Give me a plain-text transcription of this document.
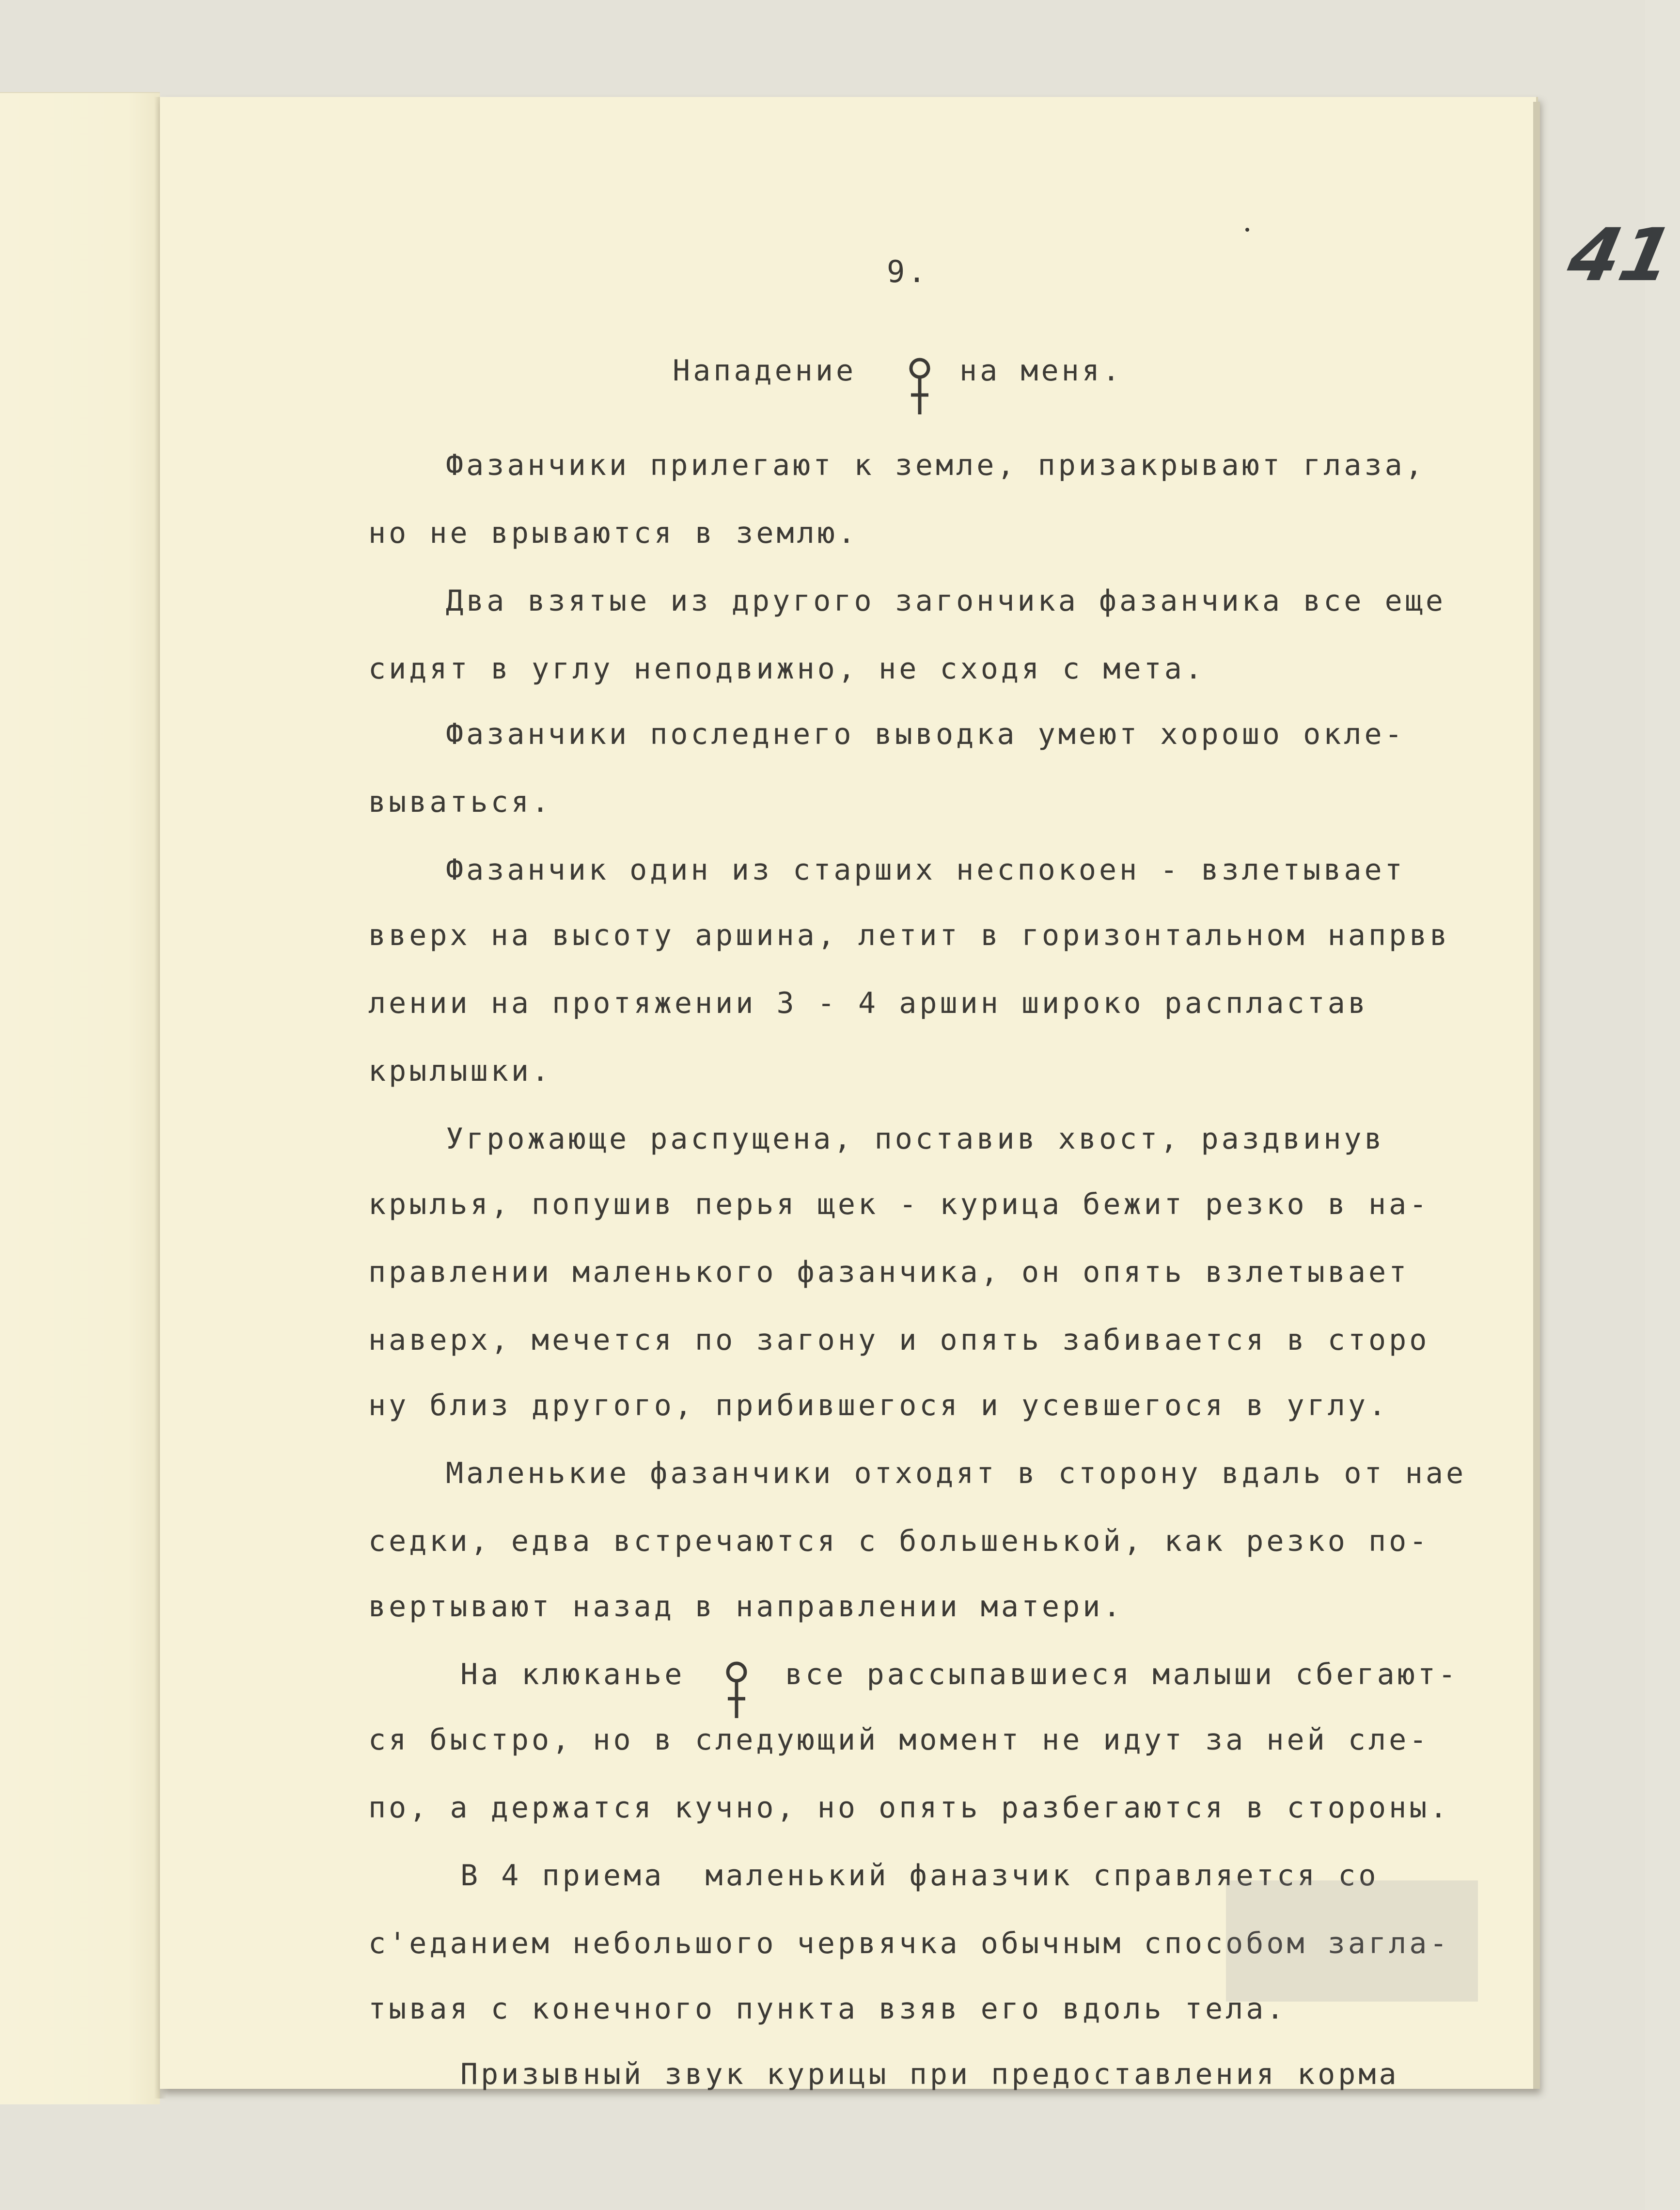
9.	41
Нападение	на меня.
Фазанчики прилегают к земле, призакрывают глаза,
но не врываются в землю.
Два взятые из другого загончика фазанчика все еще
сидят в углу неподвижно, не сходя с мета.
Фазанчики последнего выводка умеют хорошо окле-
вываться.
Фазанчик один из старших неспокоен - взлетывает
вверх на высоту аршина, летит в горизонтальном напрвв
лении на протяжении 3 - 4 аршин широко распластав
крылышки.
Угрожающе распущена, поставив хвост, раздвинув
крылья, попушив перья щек - курица бежит резко в на-
правлении маленького фазанчика, он опять взлетывает
наверх, мечется по загону и опять забивается в сторо
ну близ другого, прибившегося и усевшегося в углу.
Маленькие фазанчики отходят в сторону вдаль от нае
седки, едва встречаются с большенькой, как резко по-
вертывают назад в направлении матери.
На клюканье
ся быстро, но в следующий момент не идут за ней сле-
по, а держатся кучно, но опять разбегаются в стороны.
В 4 приема  маленький фаназчик справляется со
с'еданием небольшого червячка обычным способом загла-
тывая с конечного пункта взяв его вдоль тела.
Призывный звук курицы при предоставления корма
все рассыпавшиеся малыши сбегают-
